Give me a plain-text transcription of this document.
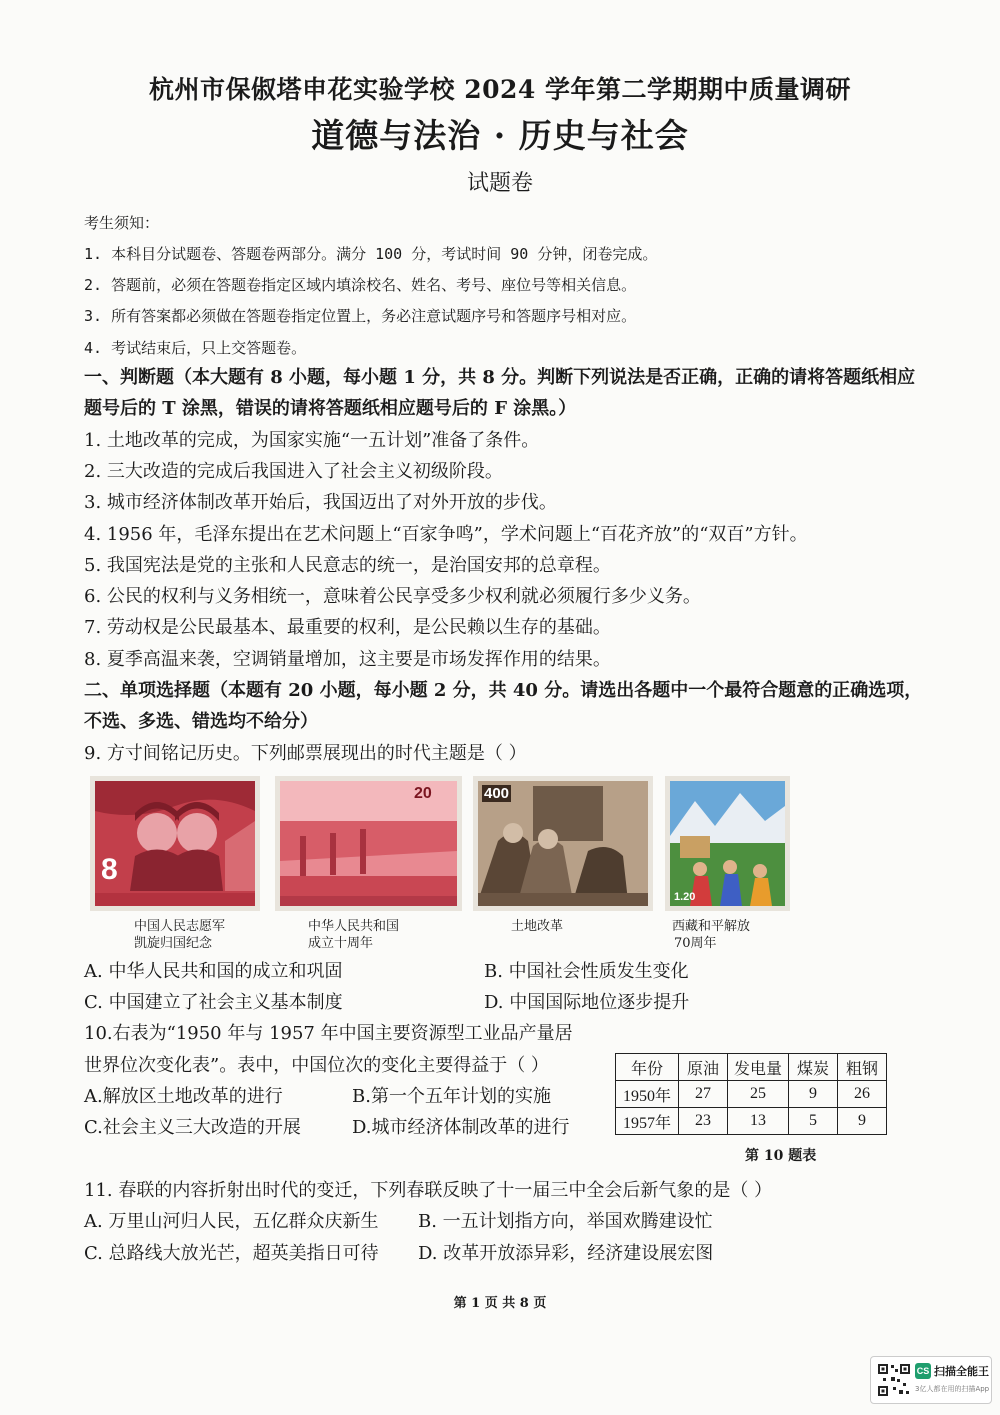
杭州市保俶塔申花实验学校 2024 学年第二学期期中质量调研
道德与法治 · 历史与社会
试题卷
考生须知：
1. 本科目分试题卷、答题卷两部分。满分 100 分，考试时间 90 分钟，闭卷完成。
2. 答题前，必须在答题卷指定区域内填涂校名、姓名、考号、座位号等相关信息。
3. 所有答案都必须做在答题卷指定位置上，务必注意试题序号和答题序号相对应。
4. 考试结束后，只上交答题卷。
一、判断题（本大题有 8 小题，每小题 1 分，共 8 分。判断下列说法是否正确，正确的请将答题纸相应题号后的 T 涂黑，错误的请将答题纸相应题号后的 F 涂黑。）
1. 土地改革的完成，为国家实施“一五计划”准备了条件。
2. 三大改造的完成后我国进入了社会主义初级阶段。
3. 城市经济体制改革开始后，我国迈出了对外开放的步伐。
4. 1956 年，毛泽东提出在艺术问题上“百家争鸣”，学术问题上“百花齐放”的“双百”方针。
5. 我国宪法是党的主张和人民意志的统一，是治国安邦的总章程。
6. 公民的权利与义务相统一，意味着公民享受多少权利就必须履行多少义务。
7. 劳动权是公民最基本、最重要的权利，是公民赖以生存的基础。
8. 夏季高温来袭，空调销量增加，这主要是市场发挥作用的结果。
二、单项选择题（本题有 20 小题，每小题 2 分，共 40 分。请选出各题中一个最符合题意的正确选项，不选、多选、错选均不给分）
9. 方寸间铭记历史。下列邮票展现出的时代主题是（ ）
8
20	400
1.20
中国人民志愿军
凯旋归国纪念
中华人民共和国
成立十周年
土地改革	西藏和平解放
70周年
A. 中华人民共和国的成立和巩固	B. 中国社会性质发生变化
C. 中国建立了社会主义基本制度	D. 中国国际地位逐步提升
10.右表为“1950 年与 1957 年中国主要资源型工业品产量居
世界位次变化表”。表中，中国位次的变化主要得益于（ ）
A.解放区土地改革的进行	B.第一个五年计划的实施
C.社会主义三大改造的开展	D.城市经济体制改革的进行
年份	原油	发电量	煤炭	粗钢
1950年	27	25	9	26
1957年	23	13	5	9
第 10 题表
11. 春联的内容折射出时代的变迁，下列春联反映了十一届三中全会后新气象的是（ ）
A. 万里山河归人民，五亿群众庆新生 B. 一五计划指方向，举国欢腾建设忙
C. 总路线大放光芒，超英美指日可待 D. 改革开放添异彩，经济建设展宏图
第 1 页 共 8 页
CS 扫描全能王
3亿人都在用的扫描App
